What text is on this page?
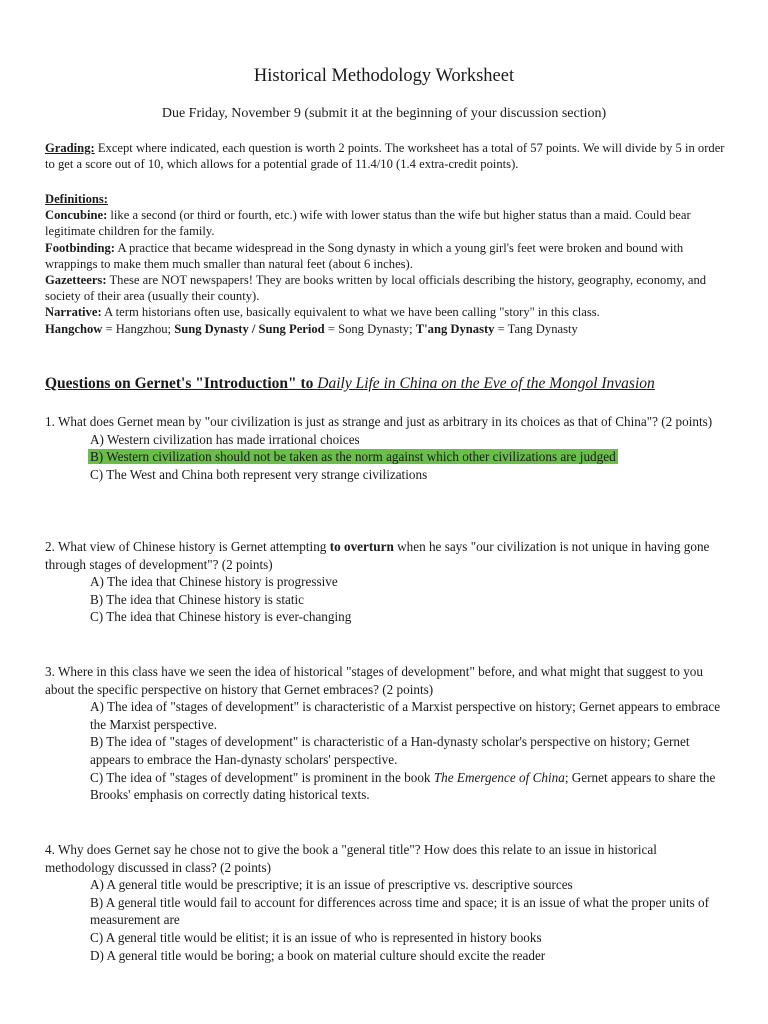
Historical Methodology Worksheet
Due Friday, November 9 (submit it at the beginning of your discussion section)

Grading: Except where indicated, each question is worth 2 points. The worksheet has a total of 57 points. We will divide by 5 in order to get a score out of 10, which allows for a potential grade of 11.4/10 (1.4 extra-credit points).

Definitions:

Concubine: like a second (or third or fourth, etc.) wife with lower status than the wife but higher status than a maid. Could bear legitimate children for the family.

Footbinding: A practice that became widespread in the Song dynasty in which a young girl's feet were broken and bound with wrappings to make them much smaller than natural feet (about 6 inches).

Gazetteers: These are NOT newspapers! They are books written by local officials describing the history, geography, economy, and society of their area (usually their county).

Narrative: A term historians often use, basically equivalent to what we have been calling "story" in this class.

Hangchow = Hangzhou; Sung Dynasty / Sung Period = Song Dynasty; T'ang Dynasty = Tang Dynasty

Questions on Gernet's "Introduction" to Daily Life in China on the Eve of the Mongol Invasion

1. What does Gernet mean by "our civilization is just as strange and just as arbitrary in its choices as that of China"? (2 points)

A) Western civilization has made irrational choices

B) Western civilization should not be taken as the norm against which other civilizations are judged

C) The West and China both represent very strange civilizations

2. What view of Chinese history is Gernet attempting to overturn when he says "our civilization is not unique in having gone through stages of development"? (2 points)

A) The idea that Chinese history is progressive

B) The idea that Chinese history is static

C) The idea that Chinese history is ever-changing

3. Where in this class have we seen the idea of historical "stages of development" before, and what might that suggest to you about the specific perspective on history that Gernet embraces? (2 points)

A) The idea of "stages of development" is characteristic of a Marxist perspective on history; Gernet appears to embrace the Marxist perspective.

B) The idea of "stages of development" is characteristic of a Han-dynasty scholar's perspective on history; Gernet appears to embrace the Han-dynasty scholars' perspective.

C) The idea of "stages of development" is prominent in the book The Emergence of China; Gernet appears to share the Brooks' emphasis on correctly dating historical texts.

4. Why does Gernet say he chose not to give the book a "general title"? How does this relate to an issue in historical methodology discussed in class? (2 points)

A) A general title would be prescriptive; it is an issue of prescriptive vs. descriptive sources

B) A general title would fail to account for differences across time and space; it is an issue of what the proper units of measurement are

C) A general title would be elitist; it is an issue of who is represented in history books

D) A general title would be boring; a book on material culture should excite the reader
